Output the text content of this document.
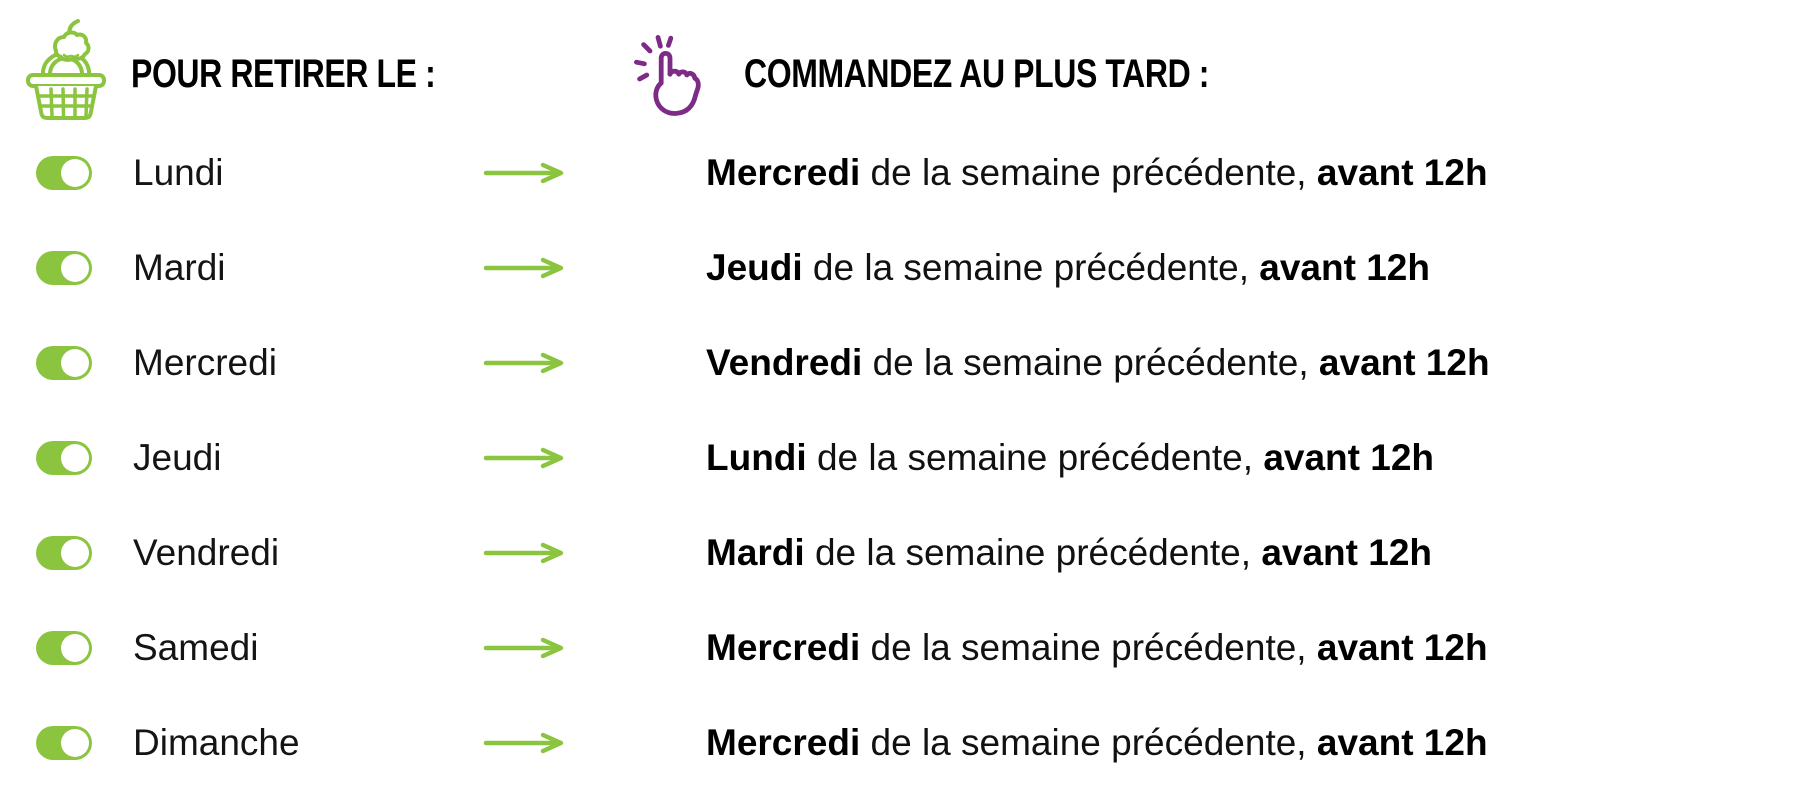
POUR RETIRER LE :	COMMANDEZ AU PLUS TARD :
Lundi	Mercredi de la semaine précédente, avant 12h
Mardi	Jeudi de la semaine précédente, avant 12h
Mercredi	Vendredi de la semaine précédente, avant 12h
Jeudi	Lundi de la semaine précédente, avant 12h
Vendredi	Mardi de la semaine précédente, avant 12h
Samedi	Mercredi de la semaine précédente, avant 12h
Dimanche	Mercredi de la semaine précédente, avant 12h
